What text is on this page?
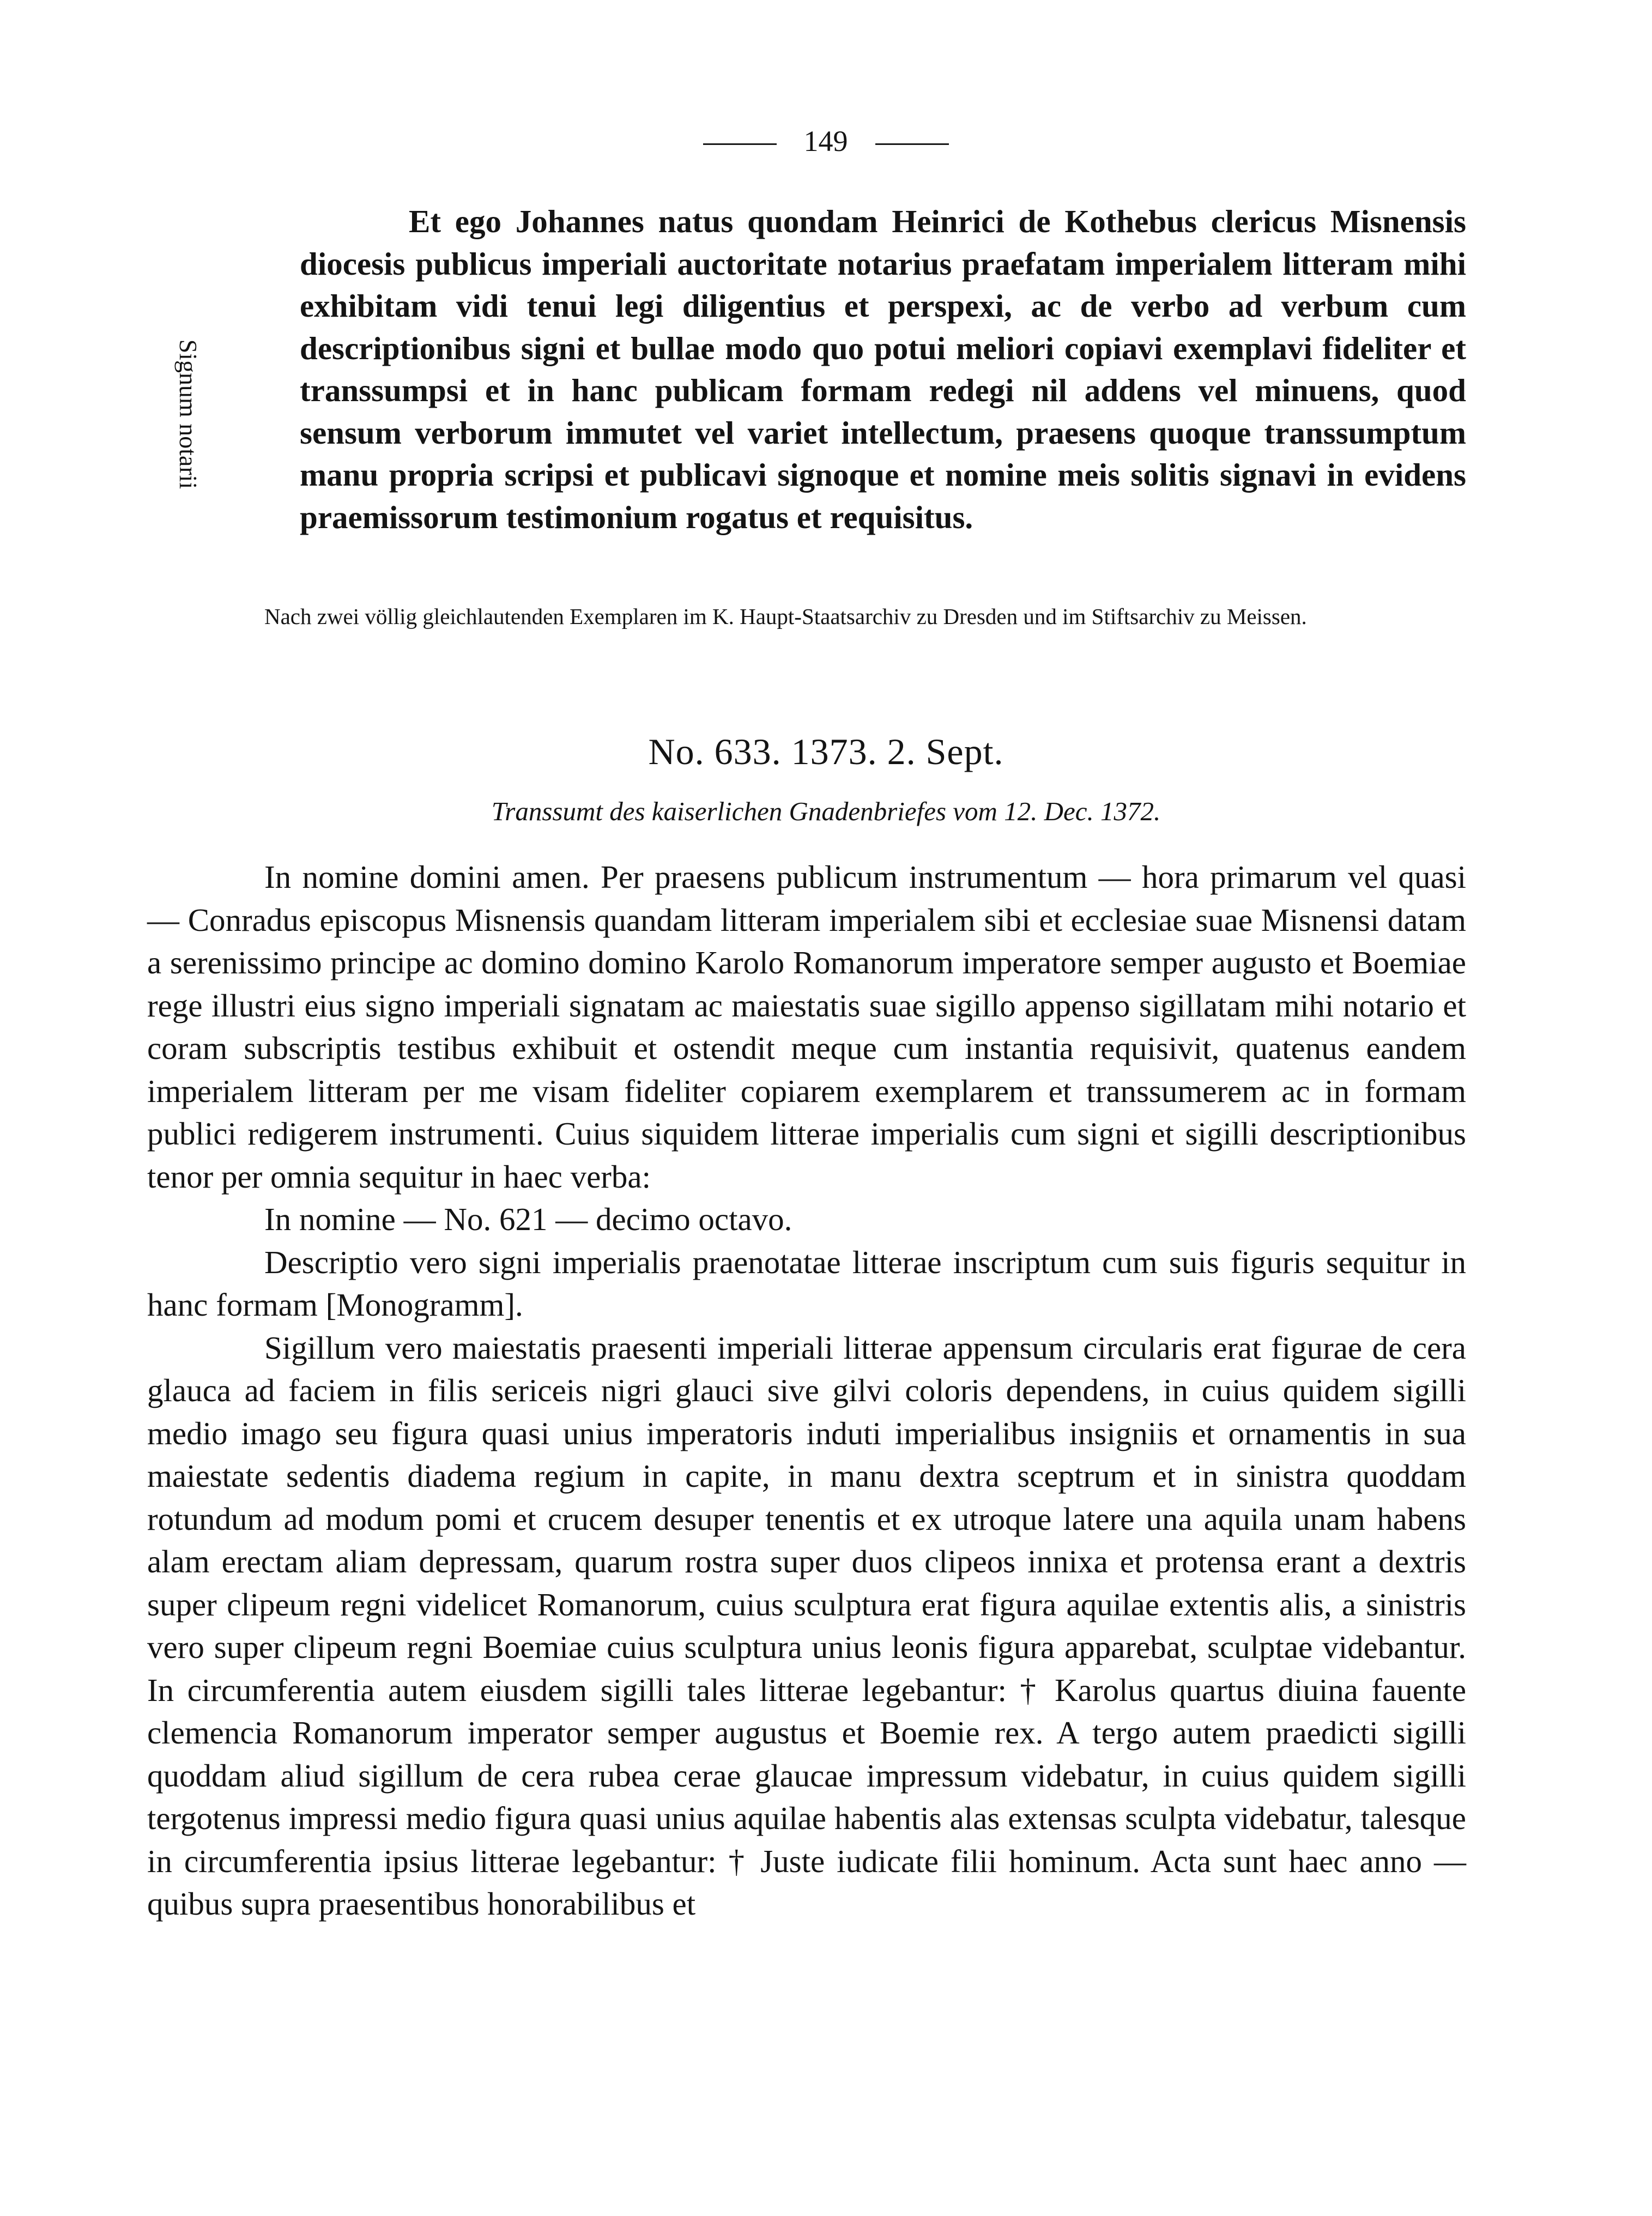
149
Signum notarii

Et ego Johannes natus quondam Heinrici de Kothebus clericus Misnensis diocesis publicus imperiali auctoritate notarius praefatam imperialem litteram mihi exhibitam vidi tenui legi diligentius et perspexi, ac de verbo ad verbum cum descriptionibus signi et bullae modo quo potui meliori copiavi exemplavi fideliter et transsumpsi et in hanc publicam formam redegi nil addens vel minuens, quod sensum verborum immutet vel variet intellectum, praesens quoque transsumptum manu propria scripsi et publicavi signoque et nomine meis solitis signavi in evidens praemissorum testimonium rogatus et requisitus.

Nach zwei völlig gleichlautenden Exemplaren im K. Haupt-Staatsarchiv zu Dresden und im Stiftsarchiv zu Meissen.

No. 633. 1373. 2. Sept.
Transsumt des kaiserlichen Gnadenbriefes vom 12. Dec. 1372.

In nomine domini amen. Per praesens publicum instrumentum — hora primarum vel quasi — Conradus episcopus Misnensis quandam litteram imperialem sibi et ecclesiae suae Misnensi datam a serenissimo principe ac domino domino Karolo Romanorum imperatore semper augusto et Boemiae rege illustri eius signo imperiali signatam ac maiestatis suae sigillo appenso sigillatam mihi notario et coram subscriptis testibus exhibuit et ostendit meque cum instantia requisivit, quatenus eandem imperialem litteram per me visam fideliter copiarem exemplarem et transsumerem ac in formam publici redigerem instrumenti. Cuius siquidem litterae imperialis cum signi et sigilli descriptionibus tenor per omnia sequitur in haec verba:

In nomine — No. 621 — decimo octavo.

Descriptio vero signi imperialis praenotatae litterae inscriptum cum suis figuris sequitur in hanc formam [Monogramm].

Sigillum vero maiestatis praesenti imperiali litterae appensum circularis erat figurae de cera glauca ad faciem in filis sericeis nigri glauci sive gilvi coloris dependens, in cuius quidem sigilli medio imago seu figura quasi unius imperatoris induti imperialibus insigniis et ornamentis in sua maiestate sedentis diadema regium in capite, in manu dextra sceptrum et in sinistra quoddam rotundum ad modum pomi et crucem desuper tenentis et ex utroque latere una aquila unam habens alam erectam aliam depressam, quarum rostra super duos clipeos innixa et protensa erant a dextris super clipeum regni videlicet Romanorum, cuius sculptura erat figura aquilae extentis alis, a sinistris vero super clipeum regni Boemiae cuius sculptura unius leonis figura apparebat, sculptae videbantur. In circumferentia autem eiusdem sigilli tales litterae legebantur: † Karolus quartus diuina fauente clemencia Romanorum imperator semper augustus et Boemie rex. A tergo autem praedicti sigilli quoddam aliud sigillum de cera rubea cerae glaucae impressum videbatur, in cuius quidem sigilli tergotenus impressi medio figura quasi unius aquilae habentis alas extensas sculpta videbatur, talesque in circumferentia ipsius litterae legebantur: † Juste iudicate filii hominum. Acta sunt haec anno — quibus supra praesentibus honorabilibus et
